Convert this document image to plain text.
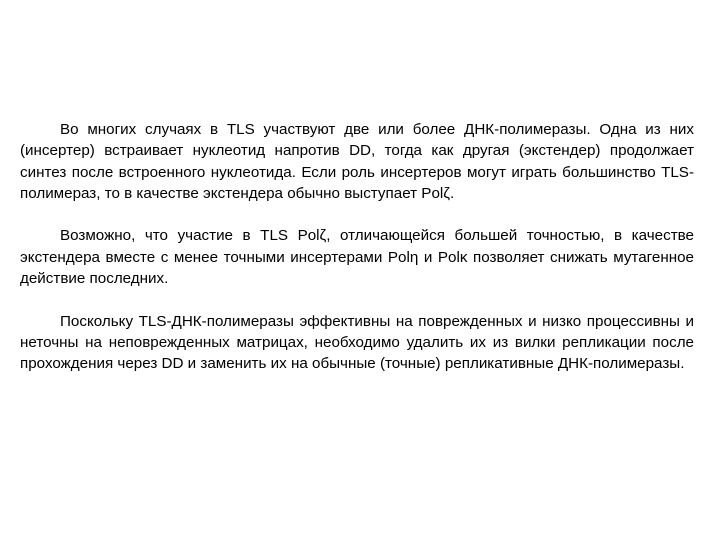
Во многих случаях в TLS участвуют две или более ДНК-полимеразы. Одна из них (инсертер) встраивает нуклеотид напротив DD, тогда как другая (экстендер) продолжает синтез после встроенного нуклеотида. Если роль инсертеров могут играть большинство TLS-полимераз, то в качестве экстендера обычно выступает Polζ.

Возможно, что участие в TLS Polζ, отличающейся большей точностью, в качестве экстендера вместе с менее точными инсертерами Polη и Polκ позволяет снижать мутагенное действие последних.

Поскольку TLS-ДНК-полимеразы эффективны на поврежденных и низко процессивны и неточны на неповрежденных матрицах, необходимо удалить их из вилки репликации после прохождения через DD и заменить их на обычные (точные) репликативные ДНК-полимеразы.
